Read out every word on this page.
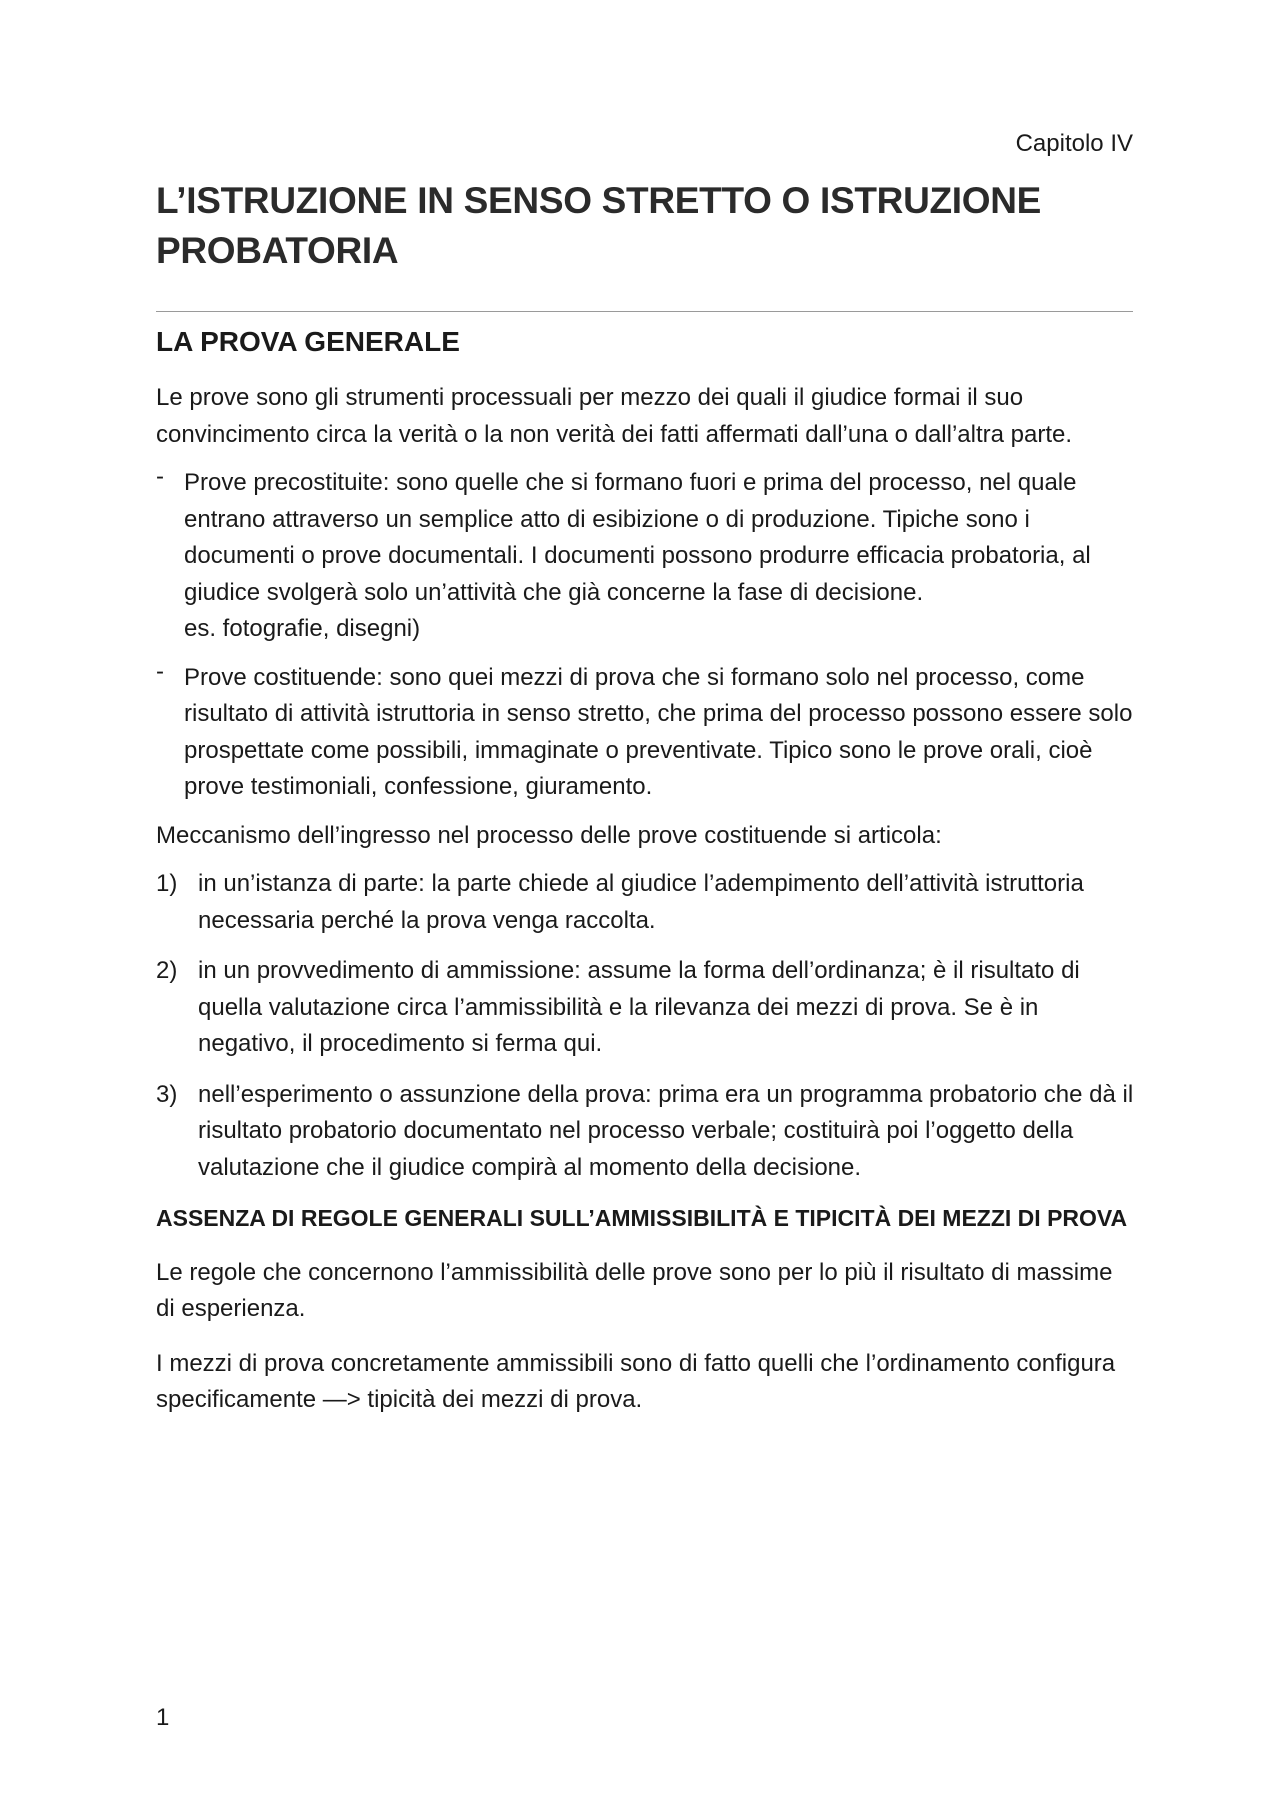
Capitolo IV
L’ISTRUZIONE IN SENSO STRETTO O ISTRUZIONE PROBATORIA
LA PROVA GENERALE

Le prove sono gli strumenti processuali per mezzo dei quali il giudice formai il suo convincimento circa la verità o la non verità dei fatti affermati dall’una o dall’altra parte.

- Prove precostituite: sono quelle che si formano fuori e prima del processo, nel quale entrano attraverso un semplice atto di esibizione o di produzione. Tipiche sono i documenti o prove documentali. I documenti possono produrre efficacia probatoria, al giudice svolgerà solo un’attività che già concerne la fase di decisione.
es. fotografie, disegni)
- Prove costituende: sono quei mezzi di prova che si formano solo nel processo, come risultato di attività istruttoria in senso stretto, che prima del processo possono essere solo prospettate come possibili, immaginate o preventivate. Tipico sono le prove orali, cioè prove testimoniali, confessione, giuramento.

Meccanismo dell’ingresso nel processo delle prove costituende si articola:

1) in un’istanza di parte: la parte chiede al giudice l’adempimento dell’attività istruttoria necessaria perché la prova venga raccolta.
2) in un provvedimento di ammissione: assume la forma dell’ordinanza; è il risultato di quella valutazione circa l’ammissibilità e la rilevanza dei mezzi di prova. Se è in negativo, il procedimento si ferma qui.
3) nell’esperimento o assunzione della prova: prima era un programma probatorio che dà il risultato probatorio documentato nel processo verbale; costituirà poi l’oggetto della valutazione che il giudice compirà al momento della decisione.
ASSENZA DI REGOLE GENERALI SULL’AMMISSIBILITÀ E TIPICITÀ DEI MEZZI DI PROVA

Le regole che concernono l’ammissibilità delle prove sono per lo più il risultato di massime di esperienza.

I mezzi di prova concretamente ammissibili sono di fatto quelli che l’ordinamento configura specificamente —> tipicità dei mezzi di prova.

1
